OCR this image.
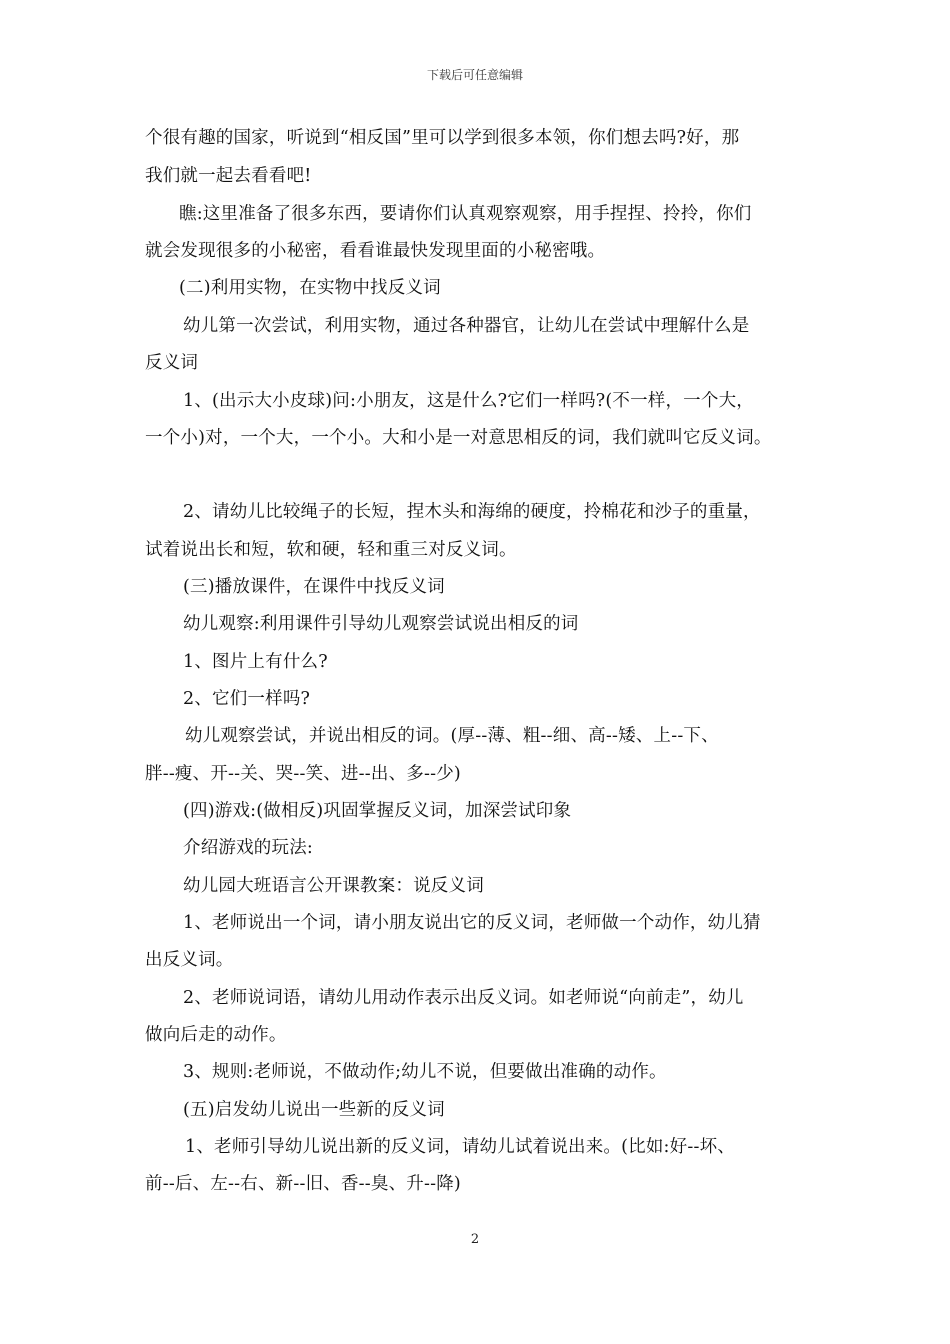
下载后可任意编辑
个很有趣的国家，听说到“相反国”里可以学到很多本领，你们想去吗?好，那
我们就一起去看看吧!
瞧:这里准备了很多东西，要请你们认真观察观察，用手捏捏、拎拎，你们
就会发现很多的小秘密，看看谁最快发现里面的小秘密哦。
(二)利用实物，在实物中找反义词
幼儿第一次尝试，利用实物，通过各种器官，让幼儿在尝试中理解什么是
反义词
1、(出示大小皮球)问:小朋友，这是什么?它们一样吗?(不一样，一个大，
一个小)对，一个大，一个小。大和小是一对意思相反的词，我们就叫它反义词。
2、请幼儿比较绳子的长短，捏木头和海绵的硬度，拎棉花和沙子的重量，
试着说出长和短，软和硬，轻和重三对反义词。
(三)播放课件，在课件中找反义词
幼儿观察:利用课件引导幼儿观察尝试说出相反的词
1、图片上有什么?
2、它们一样吗?
幼儿观察尝试，并说出相反的词。(厚--薄、粗--细、高--矮、上--下、
胖--瘦、开--关、哭--笑、进--出、多--少)
(四)游戏:(做相反)巩固掌握反义词，加深尝试印象
介绍游戏的玩法:
幼儿园大班语言公开课教案：说反义词
1、老师说出一个词，请小朋友说出它的反义词，老师做一个动作，幼儿猜
出反义词。
2、老师说词语，请幼儿用动作表示出反义词。如老师说“向前走”，幼儿
做向后走的动作。
3、规则:老师说，不做动作;幼儿不说，但要做出准确的动作。
(五)启发幼儿说出一些新的反义词
1、老师引导幼儿说出新的反义词，请幼儿试着说出来。(比如:好--坏、
前--后、左--右、新--旧、香--臭、升--降)
2
